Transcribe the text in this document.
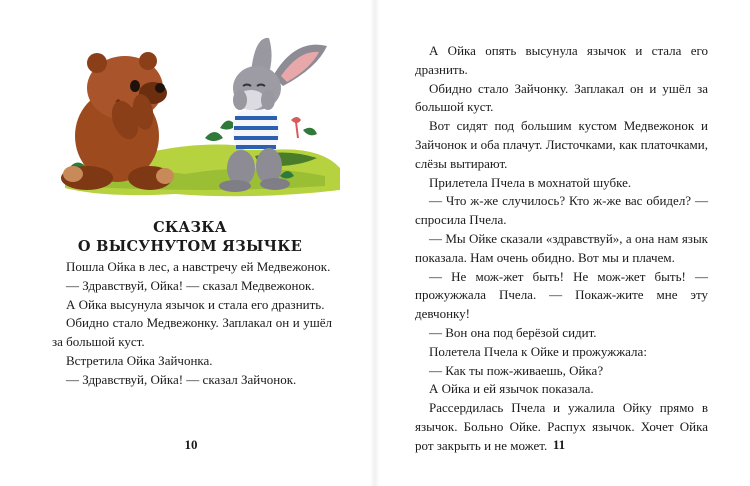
СКАЗКА
О ВЫСУНУТОМ ЯЗЫЧКЕ

Пошла Ойка в лес, а навстречу ей Медвежонок.

— Здравствуй, Ойка! — сказал Медвежонок.

А Ойка высунула язычок и стала его дразнить.

Обидно стало Медвежонку. Заплакал он и ушёл за большой куст.

Встретила Ойка Зайчонка.

— Здравствуй, Ойка! — сказал Зайчонок.

10

А Ойка опять высунула язычок и стала его дразнить.

Обидно стало Зайчонку. Заплакал он и ушёл за большой куст.

Вот сидят под большим кустом Медвежонок и Зайчонок и оба плачут. Листочками, как платочками, слёзы вытирают.

Прилетела Пчела в мохнатой шубке.

— Что ж-же случилось? Кто ж-же вас обидел? — спросила Пчела.

— Мы Ойке сказали «здравствуй», а она нам язык показала. Нам очень обидно. Вот мы и плачем.

— Не мож-жет быть! Не мож-жет быть! — прожужжала Пчела. — Покаж-жите мне эту девчонку!

— Вон она под берёзой сидит.

Полетела Пчела к Ойке и прожужжала:

— Как ты пож-живаешь, Ойка?

А Ойка и ей язычок показала.

Рассердилась Пчела и ужалила Ойку прямо в язычок. Больно Ойке. Распух язычок. Хочет Ойка рот закрыть и не может. 11
